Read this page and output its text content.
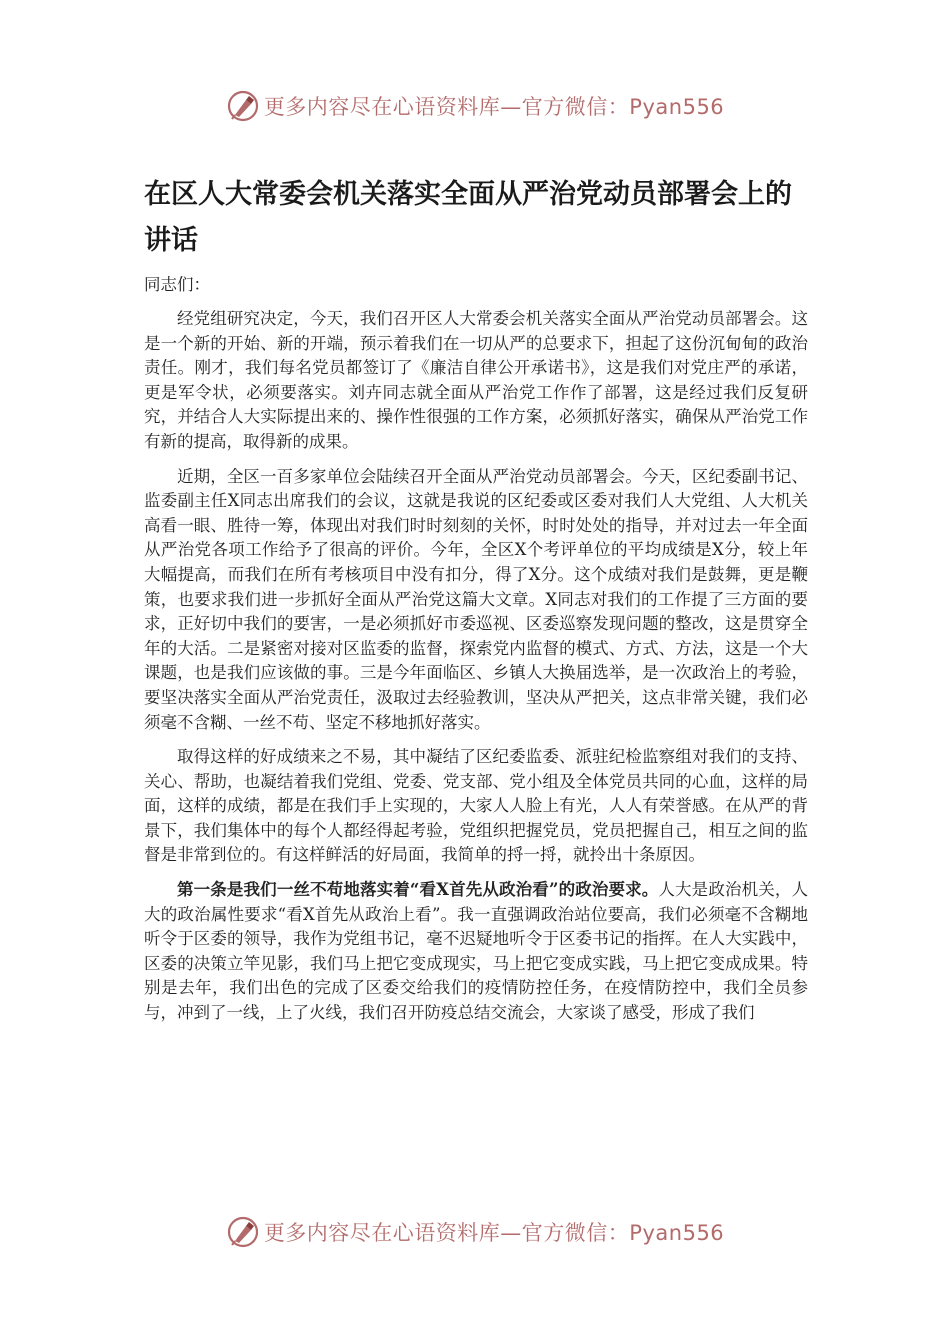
更多内容尽在心语资料库—官方微信：Pyan556
在区人大常委会机关落实全面从严治党动员部署会上的讲话
同志们：

经党组研究决定，今天，我们召开区人大常委会机关落实全面从严治党动员部署会。这是一个新的开始、新的开端，预示着我们在一切从严的总要求下，担起了这份沉甸甸的政治责任。刚才，我们每名党员都签订了《廉洁自律公开承诺书》，这是我们对党庄严的承诺，更是军令状，必须要落实。刘卉同志就全面从严治党工作作了部署，这是经过我们反复研究，并结合人大实际提出来的、操作性很强的工作方案，必须抓好落实，确保从严治党工作有新的提高，取得新的成果。

近期，全区一百多家单位会陆续召开全面从严治党动员部署会。今天，区纪委副书记、监委副主任X同志出席我们的会议，这就是我说的区纪委或区委对我们人大党组、人大机关高看一眼、胜待一筹，体现出对我们时时刻刻的关怀，时时处处的指导，并对过去一年全面从严治党各项工作给予了很高的评价。今年，全区X个考评单位的平均成绩是X分，较上年大幅提高，而我们在所有考核项目中没有扣分，得了X分。这个成绩对我们是鼓舞，更是鞭策，也要求我们进一步抓好全面从严治党这篇大文章。X同志对我们的工作提了三方面的要求，正好切中我们的要害，一是必须抓好市委巡视、区委巡察发现问题的整改，这是贯穿全年的大活。二是紧密对接对区监委的监督，探索党内监督的模式、方式、方法，这是一个大课题，也是我们应该做的事。三是今年面临区、乡镇人大换届选举，是一次政治上的考验，要坚决落实全面从严治党责任，汲取过去经验教训，坚决从严把关，这点非常关键，我们必须毫不含糊、一丝不苟、坚定不移地抓好落实。

取得这样的好成绩来之不易，其中凝结了区纪委监委、派驻纪检监察组对我们的支持、关心、帮助，也凝结着我们党组、党委、党支部、党小组及全体党员共同的心血，这样的局面，这样的成绩，都是在我们手上实现的，大家人人脸上有光，人人有荣誉感。在从严的背景下，我们集体中的每个人都经得起考验，党组织把握党员，党员把握自己，相互之间的监督是非常到位的。有这样鲜活的好局面，我简单的捋一捋，就拎出十条原因。

第一条是我们一丝不苟地落实着“看X首先从政治看”的政治要求。人大是政治机关，人大的政治属性要求“看X首先从政治上看”。我一直强调政治站位要高，我们必须毫不含糊地听令于区委的领导，我作为党组书记，毫不迟疑地听令于区委书记的指挥。在人大实践中，区委的决策立竿见影，我们马上把它变成现实，马上把它变成实践，马上把它变成成果。特别是去年，我们出色的完成了区委交给我们的疫情防控任务，在疫情防控中，我们全员参与，冲到了一线，上了火线，我们召开防疫总结交流会，大家谈了感受，形成了我们

更多内容尽在心语资料库—官方微信：Pyan556
